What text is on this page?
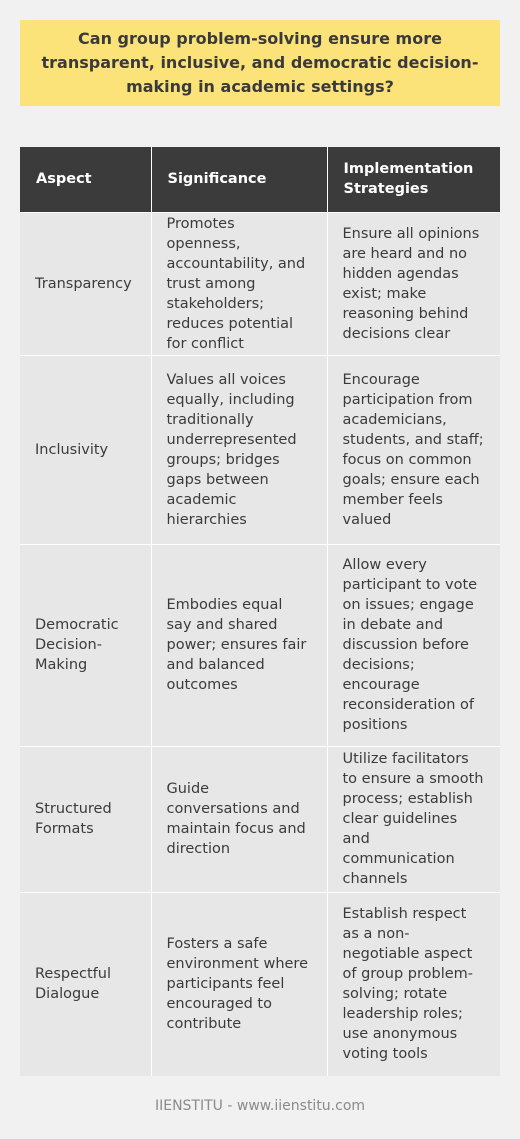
Can group problem-solving ensure more transparent, inclusive, and democratic decision-making in academic settings?
Aspect	Significance	Implementation Strategies
Transparency	Promotes openness, accountability, and trust among stakeholders; reduces potential for conflict	Ensure all opinions are heard and no hidden agendas exist; make reasoning behind decisions clear
Inclusivity	Values all voices equally, including traditionally underrepresented groups; bridges gaps between academic hierarchies	Encourage participation from academicians, students, and staff; focus on common goals; ensure each member feels valued
Democratic Decision-Making	Embodies equal say and shared power; ensures fair and balanced outcomes	Allow every participant to vote on issues; engage in debate and discussion before decisions; encourage reconsideration of positions
Structured Formats	Guide conversations and maintain focus and direction	Utilize facilitators to ensure a smooth process; establish clear guidelines and communication channels
Respectful Dialogue	Fosters a safe environment where participants feel encouraged to contribute	Establish respect as a non-negotiable aspect of group problem-solving; rotate leadership roles; use anonymous voting tools
IIENSTITU - www.iienstitu.com
